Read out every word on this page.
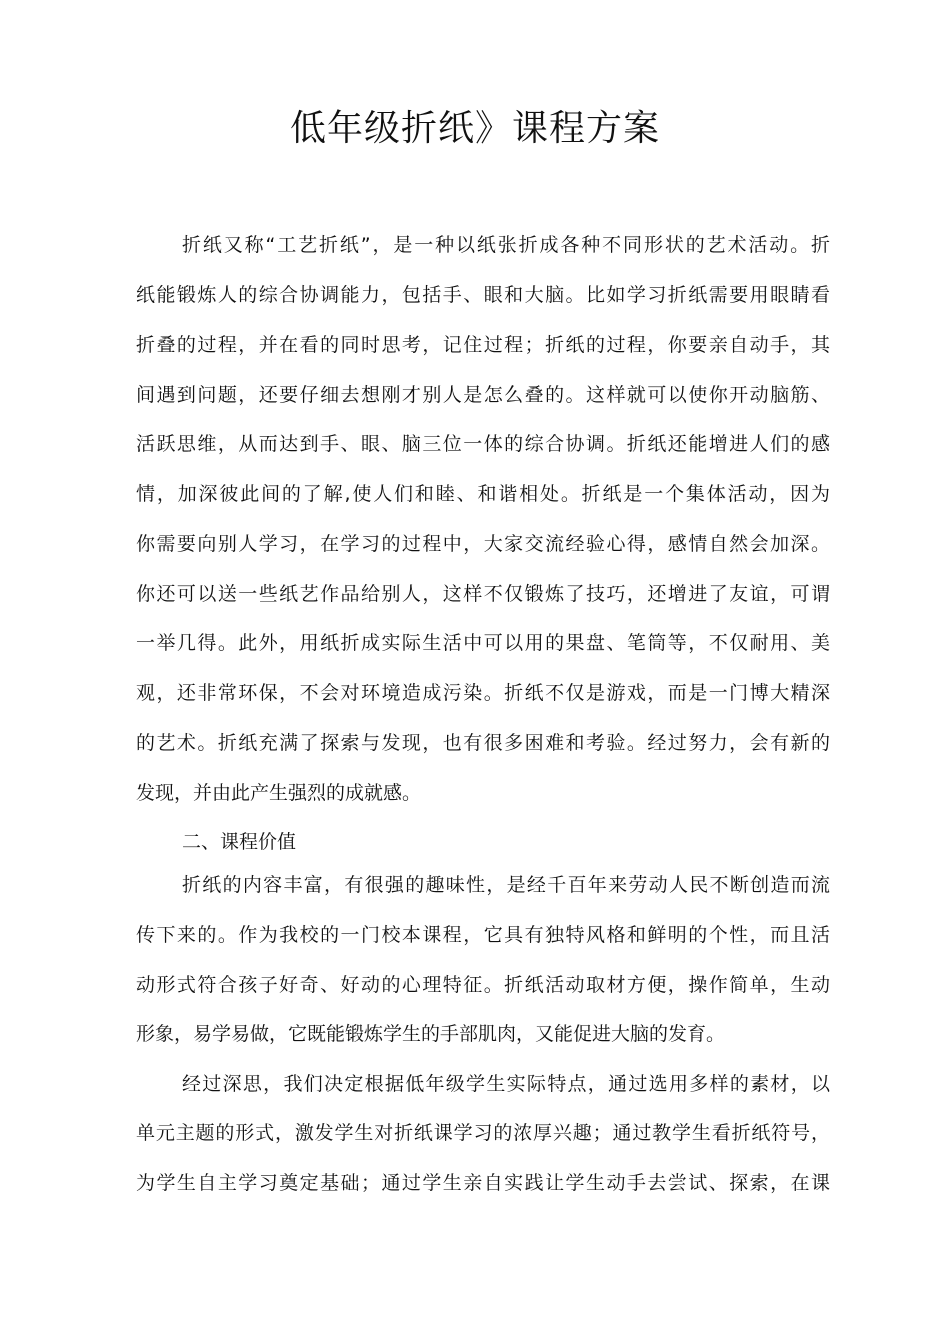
低年级折纸》课程方案

折纸又称“工艺折纸”，是一种以纸张折成各种不同形状的艺术活动。折

纸能锻炼人的综合协调能力，包括手、眼和大脑。比如学习折纸需要用眼睛看

折叠的过程，并在看的同时思考，记住过程；折纸的过程，你要亲自动手，其

间遇到问题，还要仔细去想刚才别人是怎么叠的。这样就可以使你开动脑筋、

活跃思维，从而达到手、眼、脑三位一体的综合协调。折纸还能增进人们的感

情，加深彼此间的了解,使人们和睦、和谐相处。折纸是一个集体活动，因为

你需要向别人学习，在学习的过程中，大家交流经验心得，感情自然会加深。

你还可以送一些纸艺作品给别人，这样不仅锻炼了技巧，还增进了友谊，可谓

一举几得。此外，用纸折成实际生活中可以用的果盘、笔筒等，不仅耐用、美

观，还非常环保，不会对环境造成污染。折纸不仅是游戏，而是一门博大精深

的艺术。折纸充满了探索与发现，也有很多困难和考验。经过努力，会有新的

发现，并由此产生强烈的成就感。

二、课程价值

折纸的内容丰富，有很强的趣味性，是经千百年来劳动人民不断创造而流

传下来的。作为我校的一门校本课程，它具有独特风格和鲜明的个性，而且活

动形式符合孩子好奇、好动的心理特征。折纸活动取材方便，操作简单，生动

形象，易学易做，它既能锻炼学生的手部肌肉，又能促进大脑的发育。

经过深思，我们决定根据低年级学生实际特点，通过选用多样的素材，以

单元主题的形式，激发学生对折纸课学习的浓厚兴趣；通过教学生看折纸符号，

为学生自主学习奠定基础；通过学生亲自实践让学生动手去尝试、探索，在课
